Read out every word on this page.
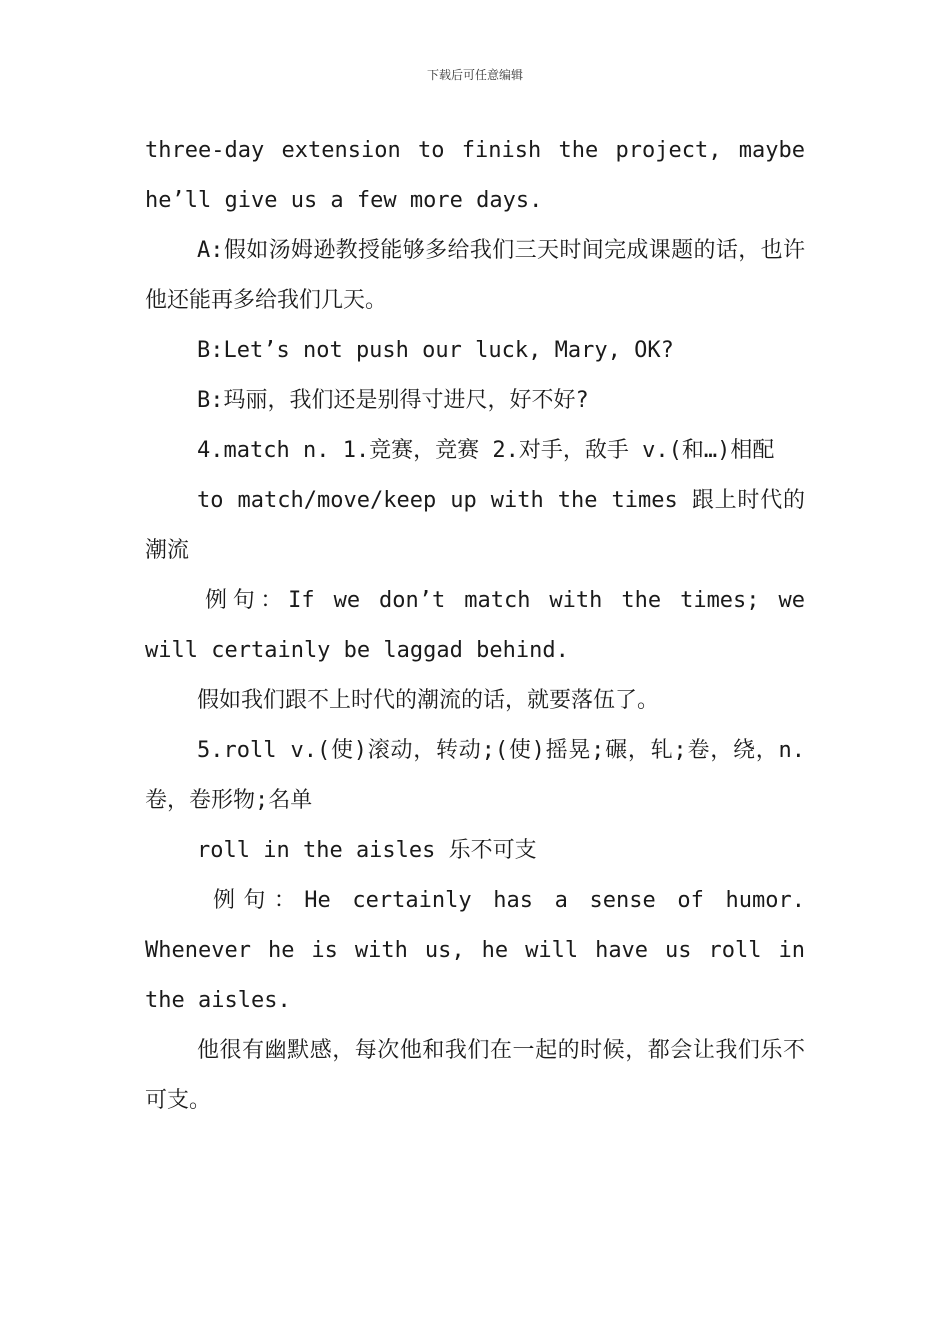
下载后可任意编辑

three-day extension to finish the project, maybe he’ll give us a few more days.

A:假如汤姆逊教授能够多给我们三天时间完成课题的话，也许他还能再多给我们几天。

B:Let’s not push our luck, Mary, OK?

B:玛丽，我们还是别得寸进尺，好不好?

4.match n. 1.竞赛，竞赛 2.对手，敌手 v.(和…)相配

to match/move/keep up with the times 跟上时代的潮流

例句：If we don’t match with the times; we will certainly be laggad behind.

假如我们跟不上时代的潮流的话，就要落伍了。

5.roll v.(使)滚动，转动;(使)摇晃;碾，轧;卷，绕，n. 卷，卷形物;名单

roll in the aisles 乐不可支

例句：He certainly has a sense of humor. Whenever he is with us, he will have us roll in the aisles.

他很有幽默感，每次他和我们在一起的时候，都会让我们乐不可支。
